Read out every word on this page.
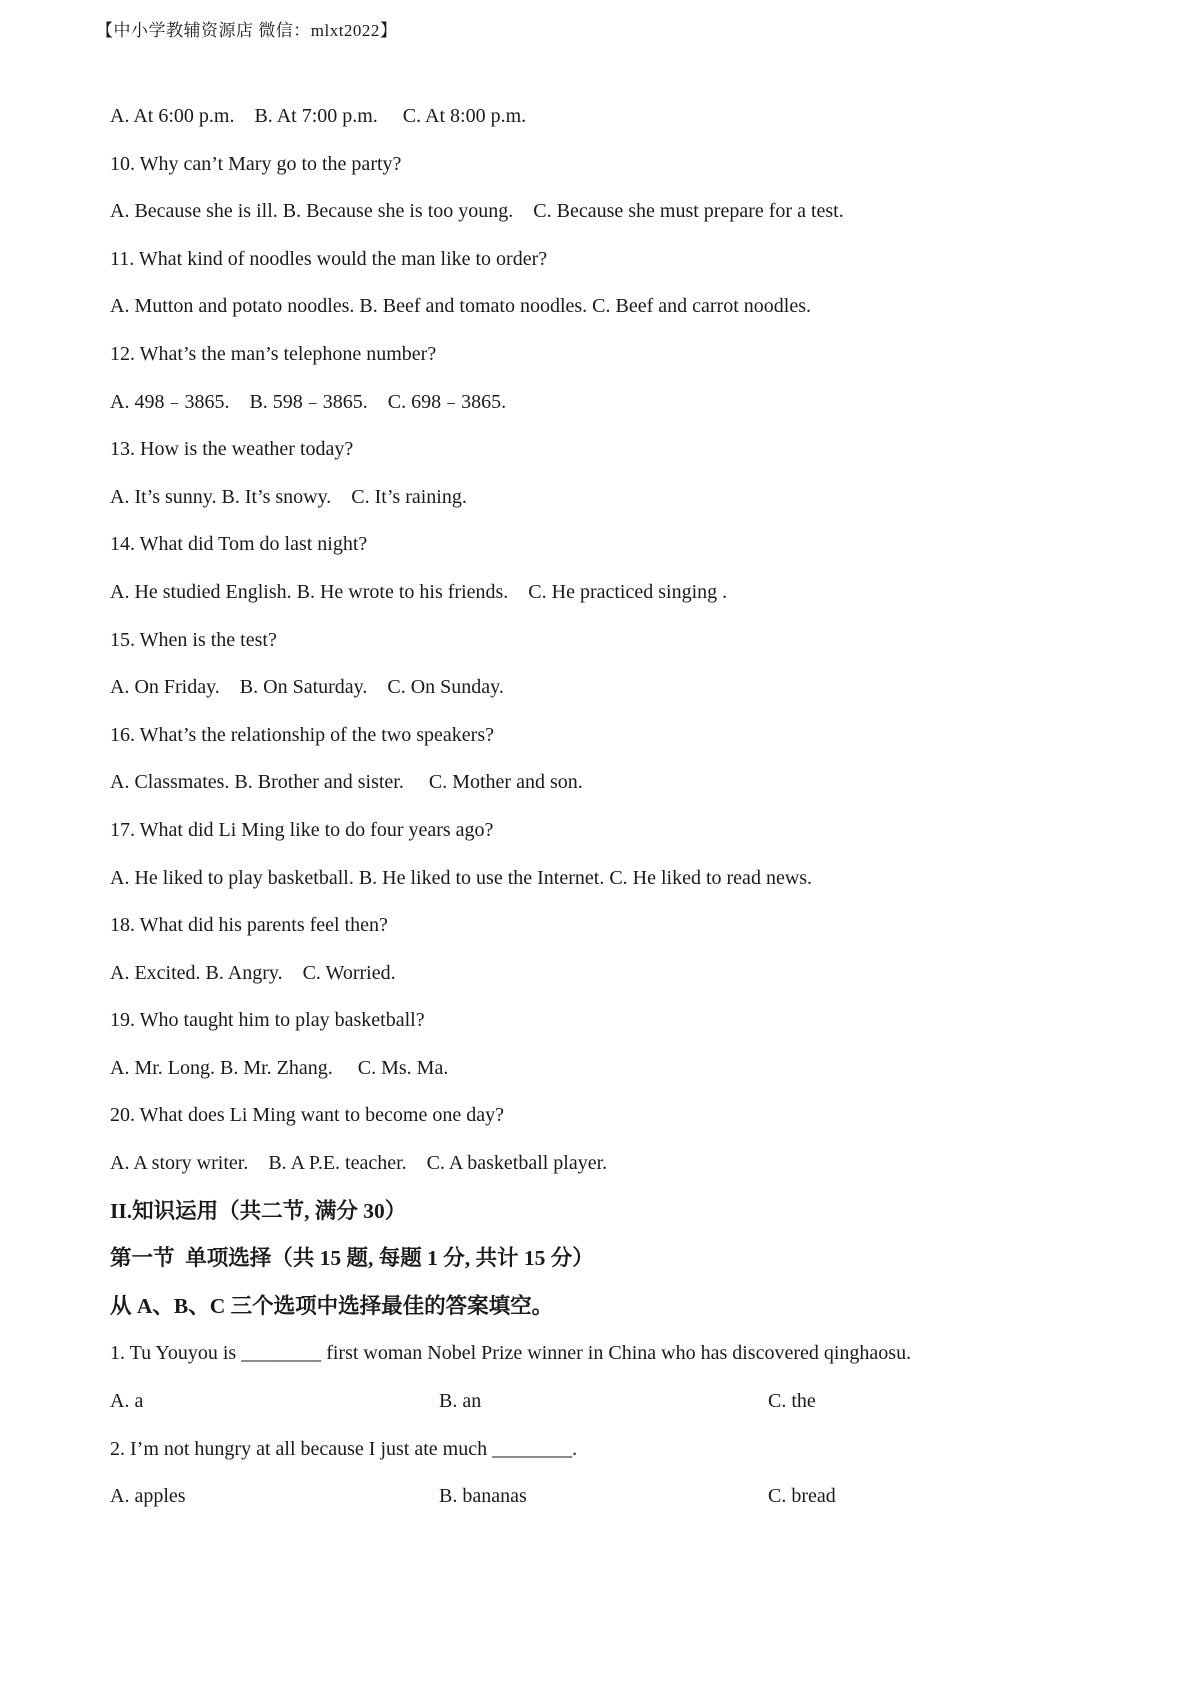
【中小学教辅资源店 微信：mlxt2022】
A. At 6:00 p.m.    B. At 7:00 p.m.     C. At 8:00 p.m.
10. Why can’t Mary go to the party?
A. Because she is ill. B. Because she is too young.    C. Because she must prepare for a test.
11. What kind of noodles would the man like to order?
A. Mutton and potato noodles. B. Beef and tomato noodles. C. Beef and carrot noodles.
12. What’s the man’s telephone number?
A. 498﹣3865.    B. 598﹣3865.    C. 698﹣3865.
13. How is the weather today?
A. It’s sunny. B. It’s snowy.    C. It’s raining.
14. What did Tom do last night?
A. He studied English. B. He wrote to his friends.    C. He practiced singing .
15. When is the test?
A. On Friday.    B. On Saturday.    C. On Sunday.
16. What’s the relationship of the two speakers?
A. Classmates. B. Brother and sister.     C. Mother and son.
17. What did Li Ming like to do four years ago?
A. He liked to play basketball. B. He liked to use the Internet. C. He liked to read news.
18. What did his parents feel then?
A. Excited. B. Angry.    C. Worried.
19. Who taught him to play basketball?
A. Mr. Long. B. Mr. Zhang.     C. Ms. Ma.
20. What does Li Ming want to become one day?
A. A story writer.    B. A P.E. teacher.    C. A basketball player.
II.知识运用（共二节, 满分 30）
第一节  单项选择（共 15 题, 每题 1 分, 共计 15 分）
从 A、B、C 三个选项中选择最佳的答案填空。
1. Tu Youyou is ________ first woman Nobel Prize winner in China who has discovered qinghaosu.
A. a	B. an	C. the
2. I’m not hungry at all because I just ate much ________.
A. apples	B. bananas	C. bread
